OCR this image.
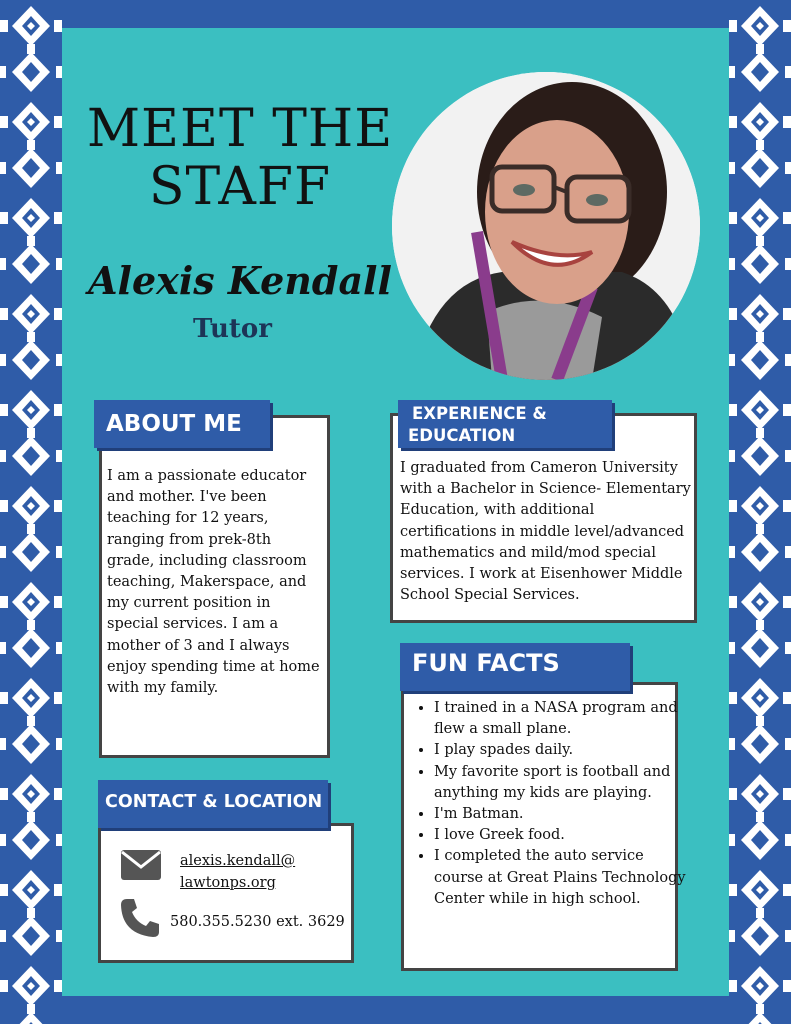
MEET THE
STAFF
Alexis Kendall
Tutor
I am a passionate educator and mother. I've been teaching for 12 years, ranging from prek-8th grade, including classroom teaching, Makerspace, and my current position in special services. I am a mother of 3 and I always enjoy spending time at home with my family.
ABOUT ME
I graduated from Cameron University with a Bachelor in Science- Elementary Education, with additional certifications in middle level/advanced mathematics and mild/mod special services. I work at Eisenhower Middle School Special Services.
EXPERIENCE &
EDUCATION
• I trained in a NASA program and flew a small plane.
• I play spades daily.
• My favorite sport is football and anything my kids are playing.
• I'm Batman.
• I love Greek food.
• I completed the auto service course at Great Plains Technology Center while in high school.
FUN FACTS
alexis.kendall@
lawtonps.org
580.355.5230 ext. 3629
CONTACT & LOCATION
